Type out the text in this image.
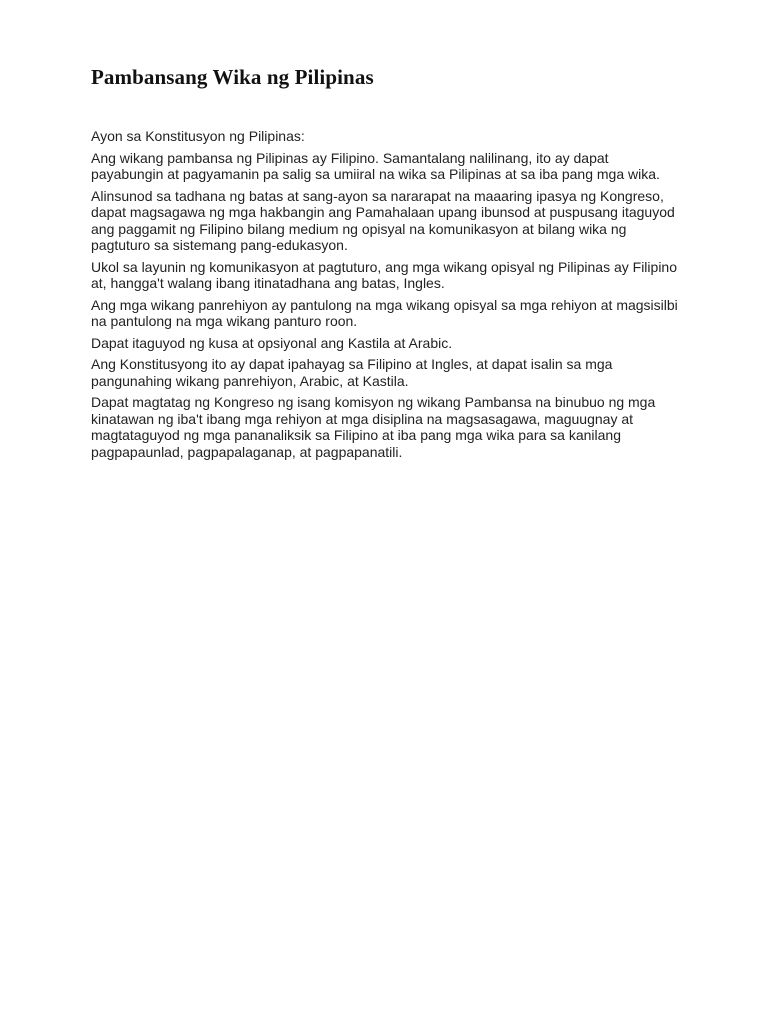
Pambansang Wika ng Pilipinas

Ayon sa Konstitusyon ng Pilipinas:

Ang wikang pambansa ng Pilipinas ay Filipino. Samantalang nalilinang, ito ay dapat payabungin at pagyamanin pa salig sa umiiral na wika sa Pilipinas at sa iba pang mga wika.

Alinsunod sa tadhana ng batas at sang-ayon sa nararapat na maaaring ipasya ng Kongreso, dapat magsagawa ng mga hakbangin ang Pamahalaan upang ibunsod at puspusang itaguyod ang paggamit ng Filipino bilang medium ng opisyal na komunikasyon at bilang wika ng pagtuturo sa sistemang pang-edukasyon.

Ukol sa layunin ng komunikasyon at pagtuturo, ang mga wikang opisyal ng Pilipinas ay Filipino at, hangga't walang ibang itinatadhana ang batas, Ingles.

Ang mga wikang panrehiyon ay pantulong na mga wikang opisyal sa mga rehiyon at magsisilbi na pantulong na mga wikang panturo roon.

Dapat itaguyod ng kusa at opsiyonal ang Kastila at Arabic.

Ang Konstitusyong ito ay dapat ipahayag sa Filipino at Ingles, at dapat isalin sa mga pangunahing wikang panrehiyon, Arabic, at Kastila.

Dapat magtatag ng Kongreso ng isang komisyon ng wikang Pambansa na binubuo ng mga kinatawan ng iba't ibang mga rehiyon at mga disiplina na magsasagawa, maguugnay at magtataguyod ng mga pananaliksik sa Filipino at iba pang mga wika para sa kanilang pagpapaunlad, pagpapalaganap, at pagpapanatili.
